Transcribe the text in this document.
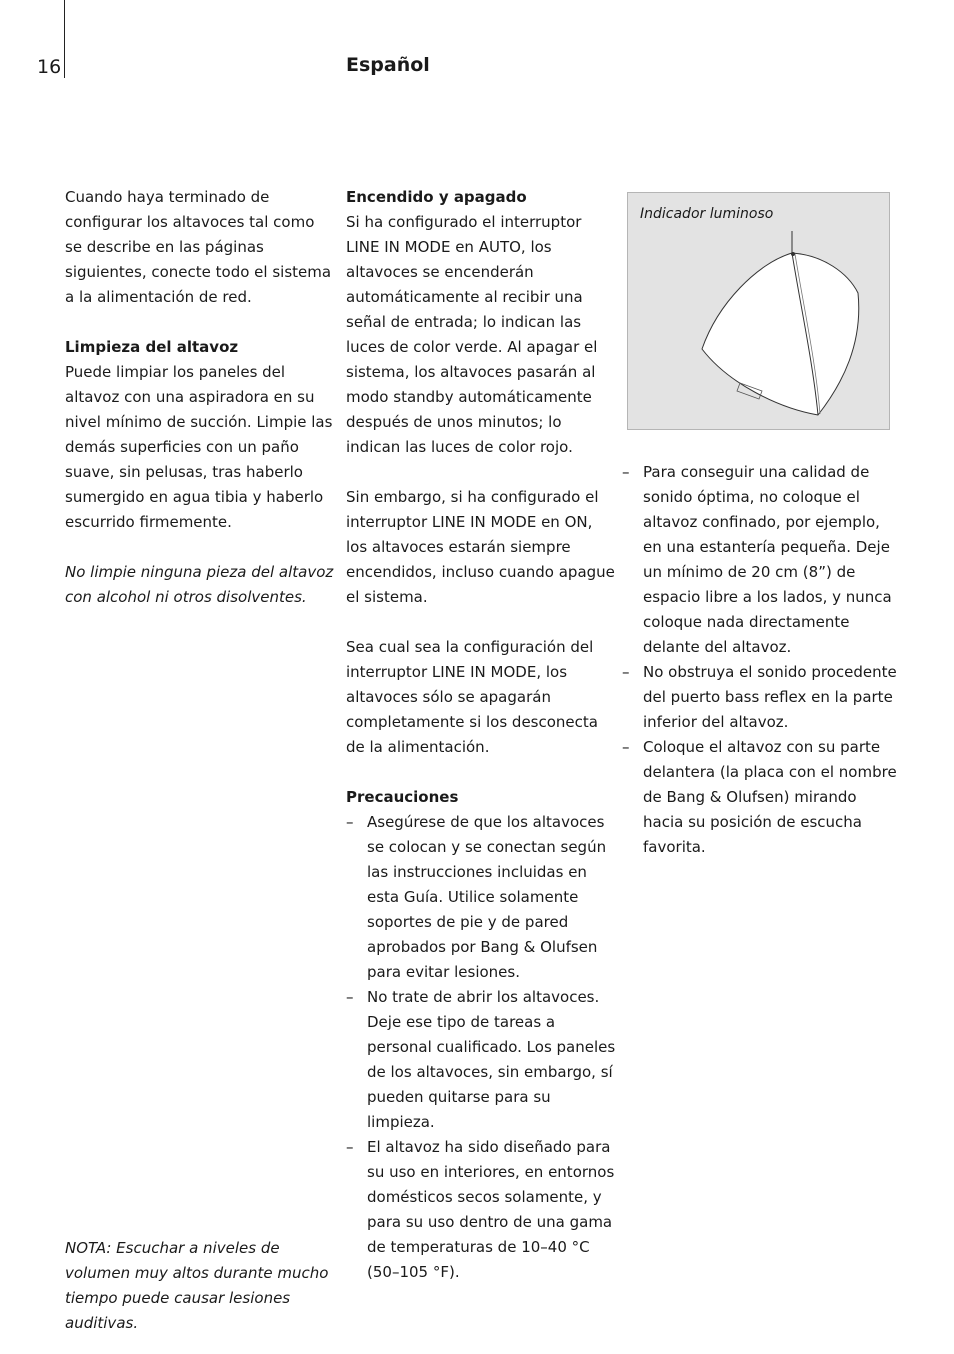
16	Español

Cuando haya terminado de configurar los altavoces tal como se describe en las páginas siguientes, conecte todo el sistema a la alimentación de red.

Limpieza del altavoz

Puede limpiar los paneles del altavoz con una aspiradora en su nivel mínimo de succión. Limpie las demás superficies con un paño suave, sin pelusas, tras haberlo sumergido en agua tibia y haberlo escurrido firmemente.

No limpie ninguna pieza del altavoz con alcohol ni otros disolventes.

NOTA: Escuchar a niveles de volumen muy altos durante mucho tiempo puede causar lesiones auditivas.

Encendido y apagado

Si ha configurado el interruptor LINE IN MODE en AUTO, los altavoces se encenderán automáticamente al recibir una señal de entrada; lo indican las luces de color verde. Al apagar el sistema, los altavoces pasarán al modo standby automáticamente después de unos minutos; lo indican las luces de color rojo.

Sin embargo, si ha configurado el interruptor LINE IN MODE en ON, los altavoces estarán siempre encendidos, incluso cuando apague el sistema.

Sea cual sea la configuración del interruptor LINE IN MODE, los altavoces sólo se apagarán completamente si los desconecta de la alimentación.

Precauciones

– Asegúrese de que los altavoces se colocan y se conectan según las instrucciones incluidas en esta Guía. Utilice solamente soportes de pie y de pared aprobados por Bang & Olufsen para evitar lesiones.
– No trate de abrir los altavoces. Deje ese tipo de tareas a personal cualificado. Los paneles de los altavoces, sin embargo, sí pueden quitarse para su limpieza.
– El altavoz ha sido diseñado para su uso en interiores, en entornos domésticos secos solamente, y para su uso dentro de una gama de temperaturas de 10–40 °C (50–105 °F).
Indicador luminoso
– Para conseguir una calidad de sonido óptima, no coloque el altavoz confinado, por ejemplo, en una estantería pequeña. Deje un mínimo de 20 cm (8”) de espacio libre a los lados, y nunca coloque nada directamente delante del altavoz.
– No obstruya el sonido procedente del puerto bass reflex en la parte inferior del altavoz.
– Coloque el altavoz con su parte delantera (la placa con el nombre de Bang & Olufsen) mirando hacia su posición de escucha favorita.
